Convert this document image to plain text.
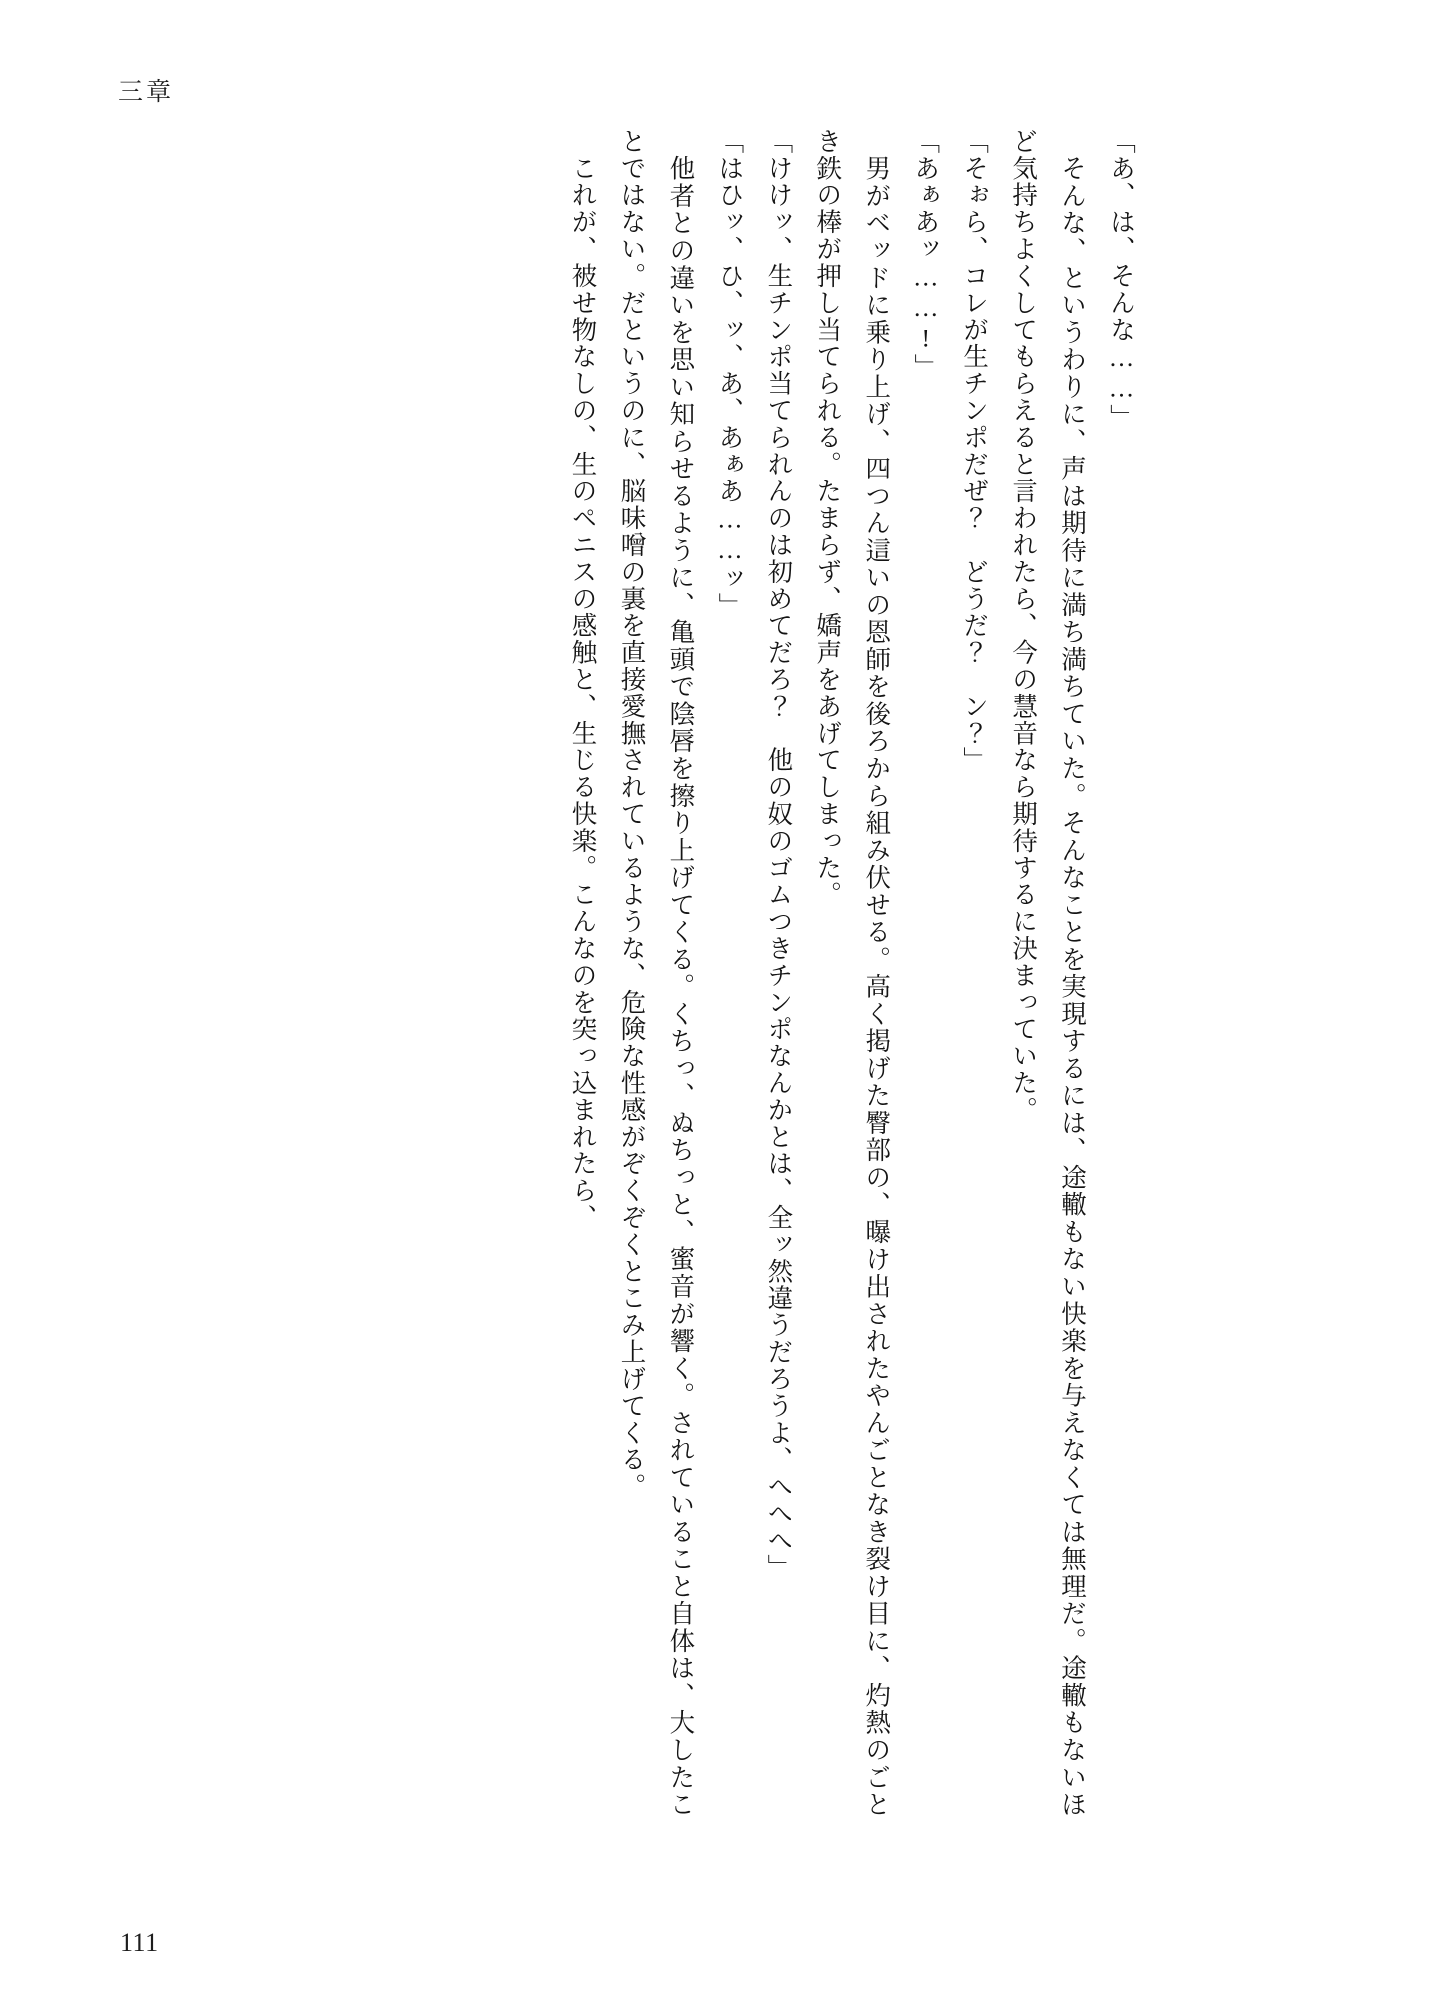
三章

「あ、は、そんな……」

　そんな、というわりに、声は期待に満ち満ちていた。そんなことを実現するには、途轍もない快楽を与えなくては無理だ。途轍もないほど気持ちよくしてもらえると言われたら、今の慧音なら期待するに決まっていた。

「そぉら、コレが生チンポだぜ？　どうだ？　ン？」

「あぁあッ……!」

　男がベッドに乗り上げ、四つん這いの恩師を後ろから組み伏せる。高く掲げた臀部の、曝け出されたやんごとなき裂け目に、灼熱のごとき鉄の棒が押し当てられる。たまらず、嬌声をあげてしまった。

「けけッ、生チンポ当てられんのは初めてだろ？　他の奴のゴムつきチンポなんかとは、全ッ然違うだろうよ、へへへ」

「はひッ、ひ、ッ、あ、あぁあ……ッ」

　他者との違いを思い知らせるように、亀頭で陰唇を擦り上げてくる。くちっ、ぬちっと、蜜音が響く。されていること自体は、大したことではない。だというのに、脳味噌の裏を直接愛撫されているような、危険な性感がぞくぞくとこみ上げてくる。

　これが、被せ物なしの、生のペニスの感触と、生じる快楽。こんなのを突っ込まれたら、

111
